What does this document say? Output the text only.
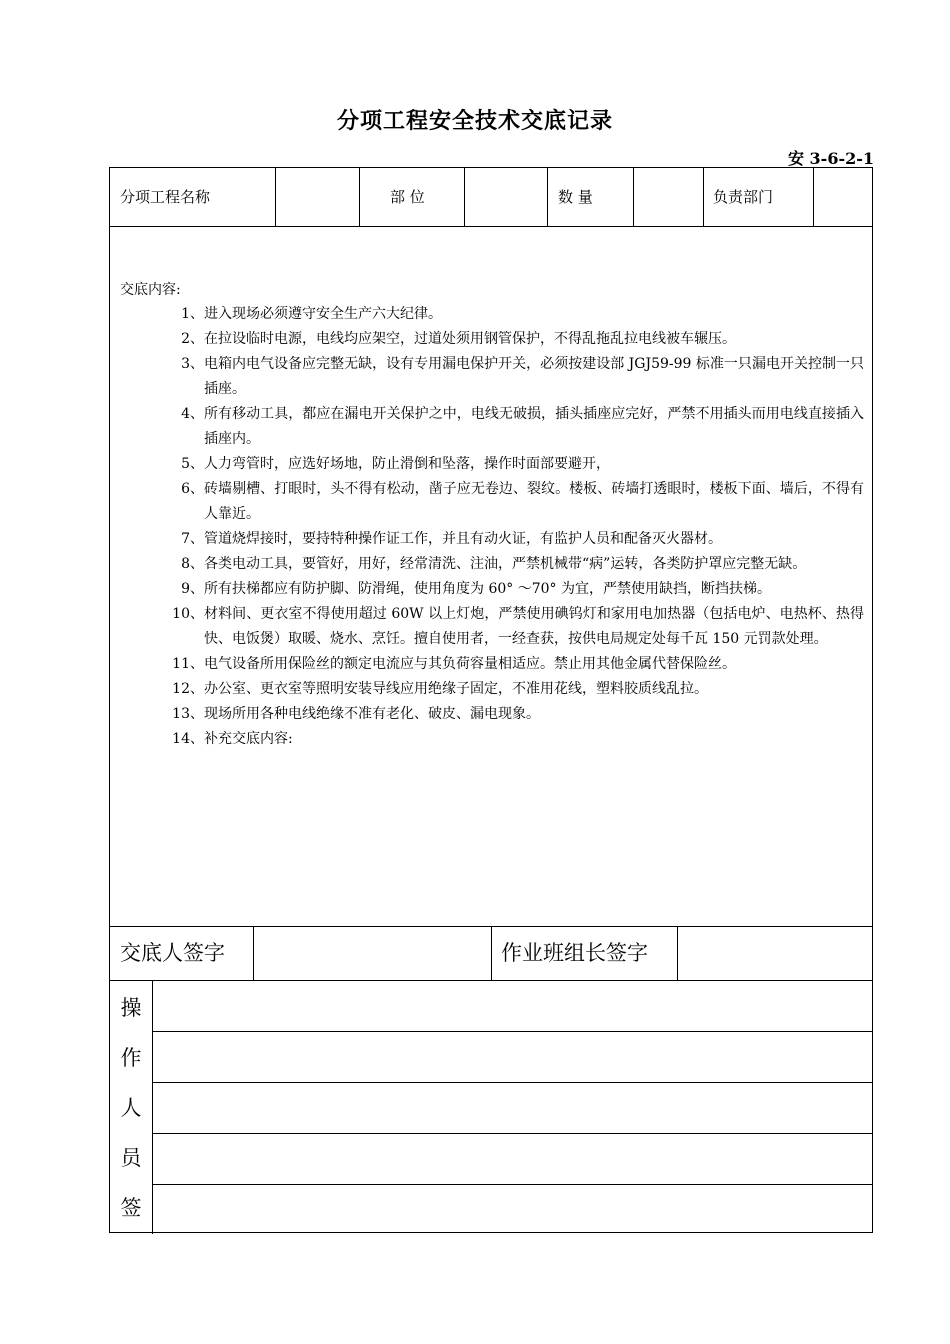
分项工程安全技术交底记录
安 3-6-2-1
分项工程名称	部 位	数 量	负责部门
交底内容:
1、 进入现场必须遵守安全生产六大纪律。
2、 在拉设临时电源，电线均应架空，过道处须用钢管保护，不得乱拖乱拉电线被车辗压。
3、 电箱内电气设备应完整无缺，设有专用漏电保护开关，必须按建设部 JGJ59-99 标准一只漏电开关控制一只插座。
4、 所有移动工具，都应在漏电开关保护之中，电线无破损，插头插座应完好，严禁不用插头而用电线直接插入插座内。
5、 人力弯管时，应选好场地，防止滑倒和坠落，操作时面部要避开，
6、 砖墙剔槽、打眼时，头不得有松动，凿子应无卷边、裂纹。楼板、砖墙打透眼时，楼板下面、墙后，不得有人靠近。
7、 管道烧焊接时，要持特种操作证工作，并且有动火证，有监护人员和配备灭火器材。
8、 各类电动工具，要管好，用好，经常清洗、注油，严禁机械带“病”运转，各类防护罩应完整无缺。
9、 所有扶梯都应有防护脚、防滑绳，使用角度为 60° ～70° 为宜，严禁使用缺挡，断挡扶梯。
10、 材料间、更衣室不得使用超过 60W 以上灯炮，严禁使用碘钨灯和家用电加热器（包括电炉、电热杯、热得快、电饭煲）取暖、烧水、烹饪。擅自使用者，一经查获，按供电局规定处每千瓦 150 元罚款处理。
11、 电气设备所用保险丝的额定电流应与其负荷容量相适应。禁止用其他金属代替保险丝。
12、 办公室、更衣室等照明安装导线应用绝缘子固定，不准用花线，塑料胶质线乱拉。
13、 现场所用各种电线绝缘不准有老化、破皮、漏电现象。
14、 补充交底内容:
交底人签字	作业班组长签字
操
作
人
员
签
